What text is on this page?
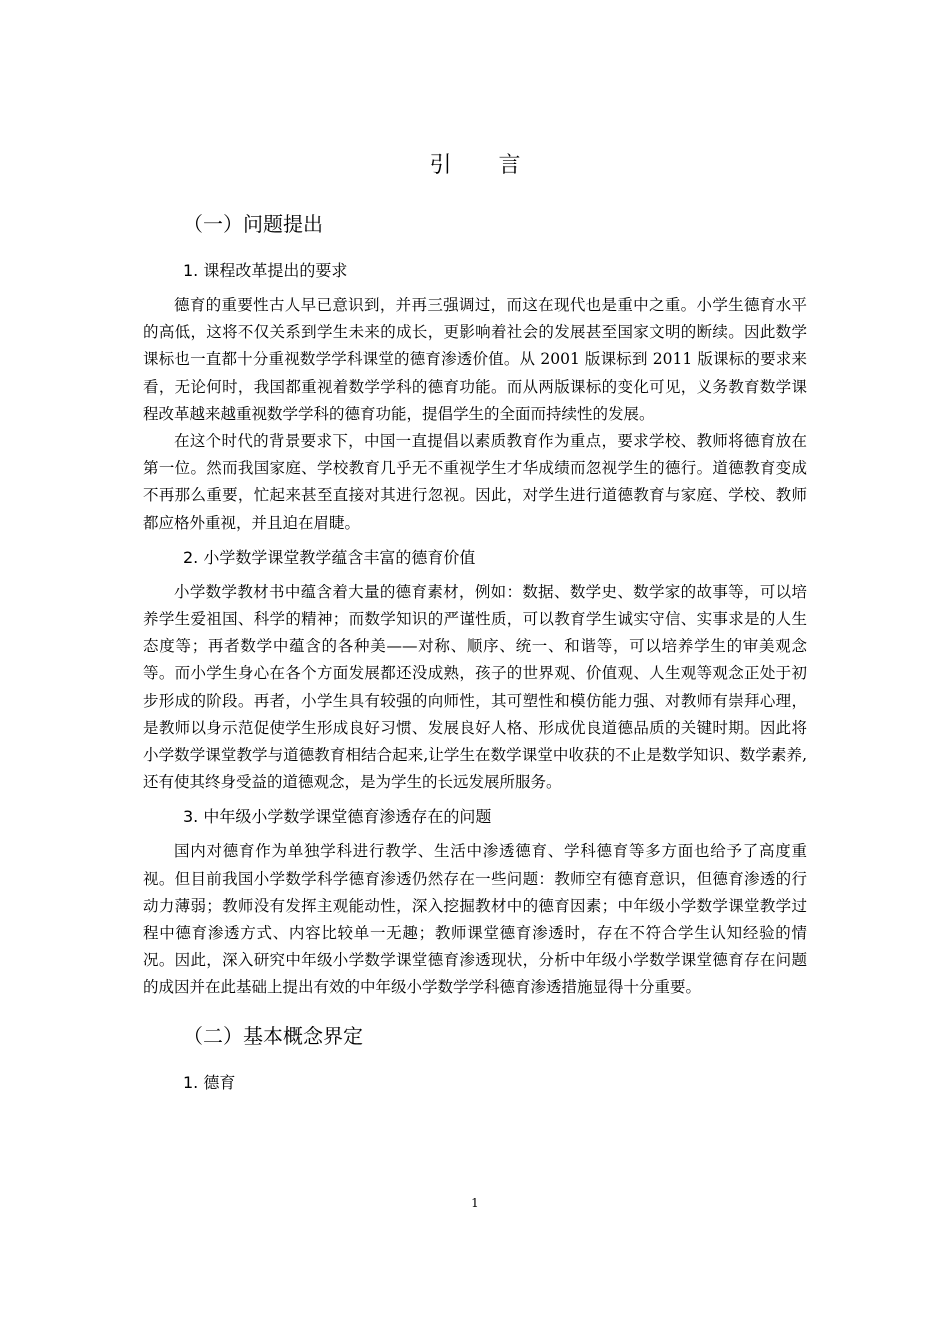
引 言
（一）问题提出
1. 课程改革提出的要求

德育的重要性古人早已意识到，并再三强调过，而这在现代也是重中之重。小学生德育水平的高低，这将不仅关系到学生未来的成长，更影响着社会的发展甚至国家文明的断续。因此数学课标也一直都十分重视数学学科课堂的德育渗透价值。从 2001 版课标到 2011 版课标的要求来看，无论何时，我国都重视着数学学科的德育功能。而从两版课标的变化可见，义务教育数学课程改革越来越重视数学学科的德育功能，提倡学生的全面而持续性的发展。

在这个时代的背景要求下，中国一直提倡以素质教育作为重点，要求学校、教师将德育放在第一位。然而我国家庭、学校教育几乎无不重视学生才华成绩而忽视学生的德行。道德教育变成不再那么重要，忙起来甚至直接对其进行忽视。因此，对学生进行道德教育与家庭、学校、教师都应格外重视，并且迫在眉睫。

2. 小学数学课堂教学蕴含丰富的德育价值

小学数学教材书中蕴含着大量的德育素材，例如：数据、数学史、数学家的故事等，可以培养学生爱祖国、科学的精神；而数学知识的严谨性质，可以教育学生诚实守信、实事求是的人生态度等；再者数学中蕴含的各种美——对称、顺序、统一、和谐等，可以培养学生的审美观念等。而小学生身心在各个方面发展都还没成熟，孩子的世界观、价值观、人生观等观念正处于初步形成的阶段。再者，小学生具有较强的向师性，其可塑性和模仿能力强、对教师有崇拜心理，是教师以身示范促使学生形成良好习惯、发展良好人格、形成优良道德品质的关键时期。因此将小学数学课堂教学与道德教育相结合起来,让学生在数学课堂中收获的不止是数学知识、数学素养,还有使其终身受益的道德观念，是为学生的长远发展所服务。

3. 中年级小学数学课堂德育渗透存在的问题

国内对德育作为单独学科进行教学、生活中渗透德育、学科德育等多方面也给予了高度重视。但目前我国小学数学科学德育渗透仍然存在一些问题：教师空有德育意识，但德育渗透的行动力薄弱；教师没有发挥主观能动性，深入挖掘教材中的德育因素；中年级小学数学课堂教学过程中德育渗透方式、内容比较单一无趣；教师课堂德育渗透时，存在不符合学生认知经验的情况。因此，深入研究中年级小学数学课堂德育渗透现状，分析中年级小学数学课堂德育存在问题的成因并在此基础上提出有效的中年级小学数学学科德育渗透措施显得十分重要。

（二）基本概念界定
1. 德育
1
